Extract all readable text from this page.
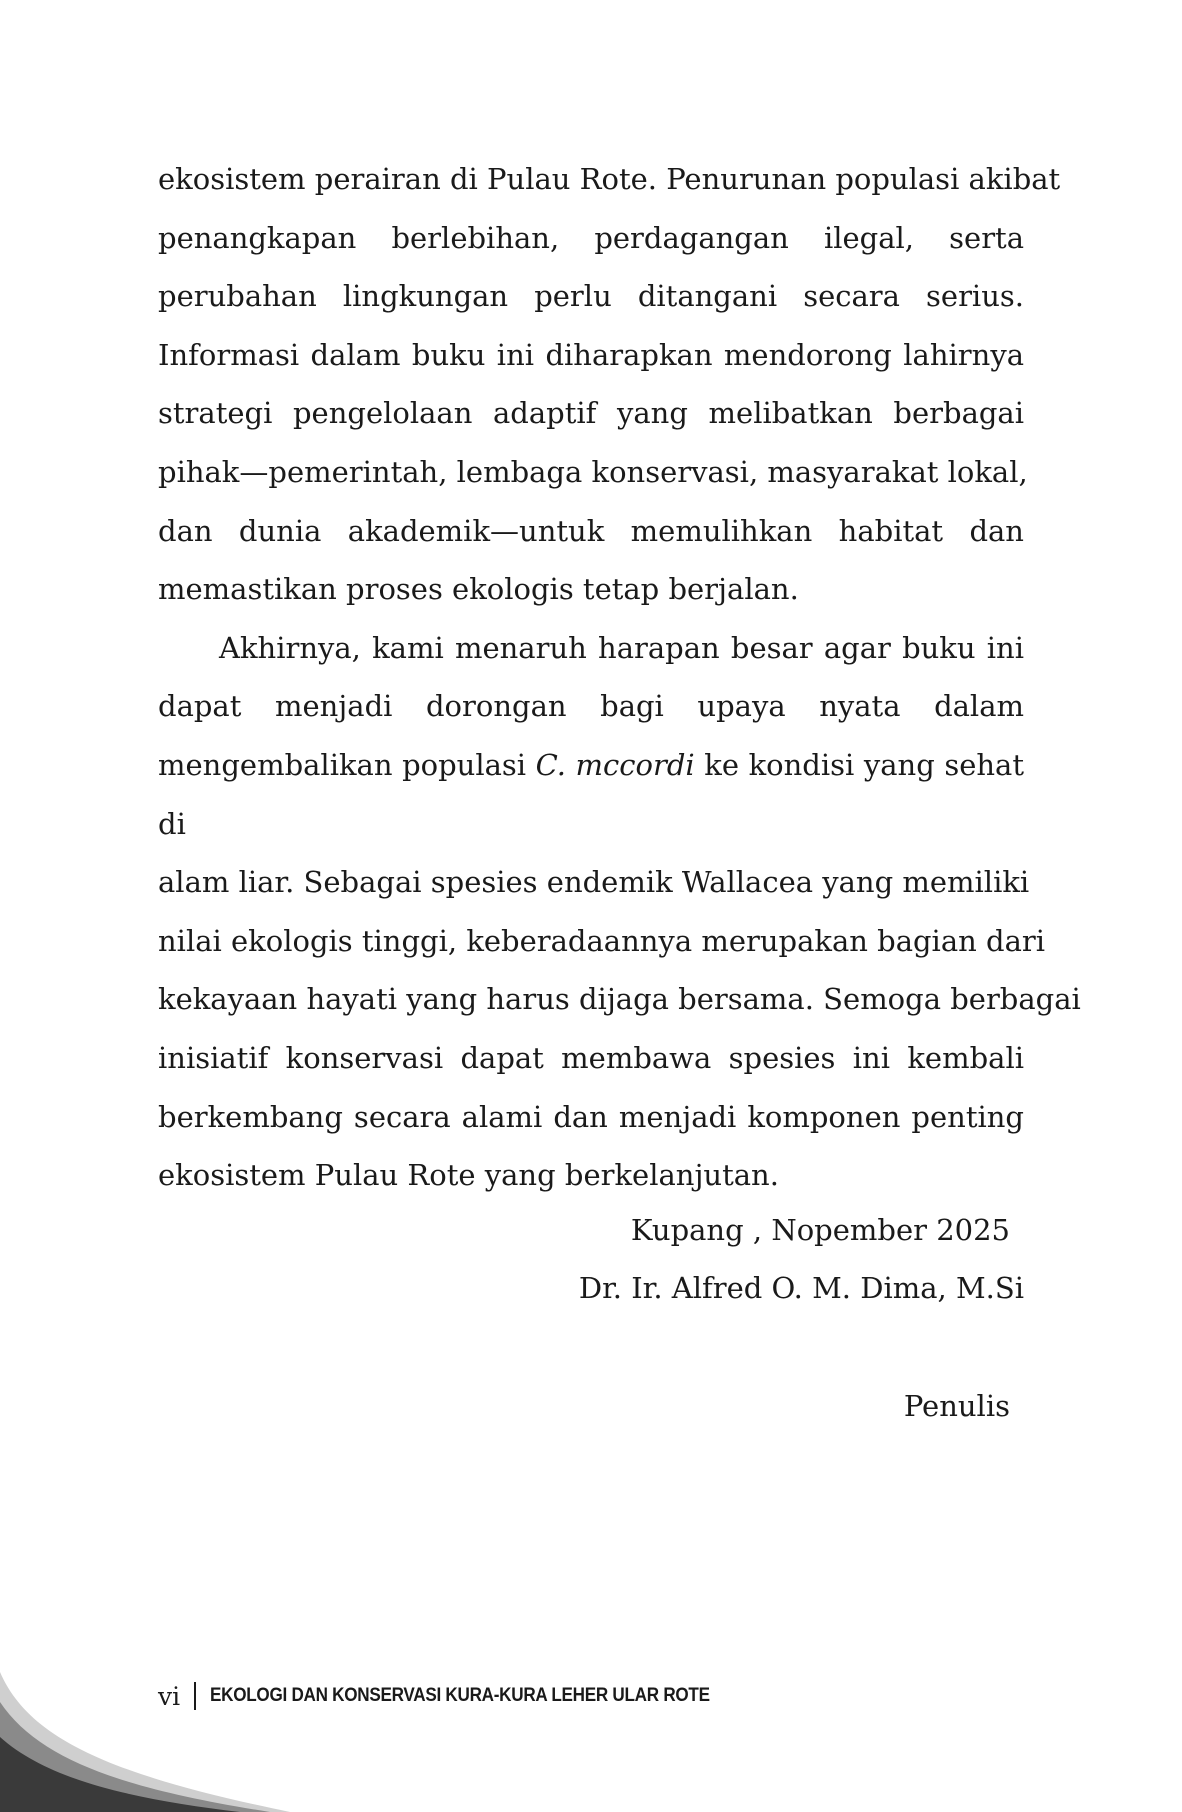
ekosistem perairan di Pulau Rote. Penurunan populasi akibat
penangkapan berlebihan, perdagangan ilegal, serta
perubahan lingkungan perlu ditangani secara serius.
Informasi dalam buku ini diharapkan mendorong lahirnya
strategi pengelolaan adaptif yang melibatkan berbagai
pihak—pemerintah, lembaga konservasi, masyarakat lokal,
dan dunia akademik—untuk memulihkan habitat dan
memastikan proses ekologis tetap berjalan.

Akhirnya, kami menaruh harapan besar agar buku ini
dapat menjadi dorongan bagi upaya nyata dalam
mengembalikan populasi C. mccordi ke kondisi yang sehat di
alam liar. Sebagai spesies endemik Wallacea yang memiliki
nilai ekologis tinggi, keberadaannya merupakan bagian dari
kekayaan hayati yang harus dijaga bersama. Semoga berbagai
inisiatif konservasi dapat membawa spesies ini kembali
berkembang secara alami dan menjadi komponen penting
ekosistem Pulau Rote yang berkelanjutan.

Kupang , Nopember 2025
Dr. Ir. Alfred O. M. Dima, M.Si
Penulis
vi EKOLOGI DAN KONSERVASI KURA-KURA LEHER ULAR ROTE
